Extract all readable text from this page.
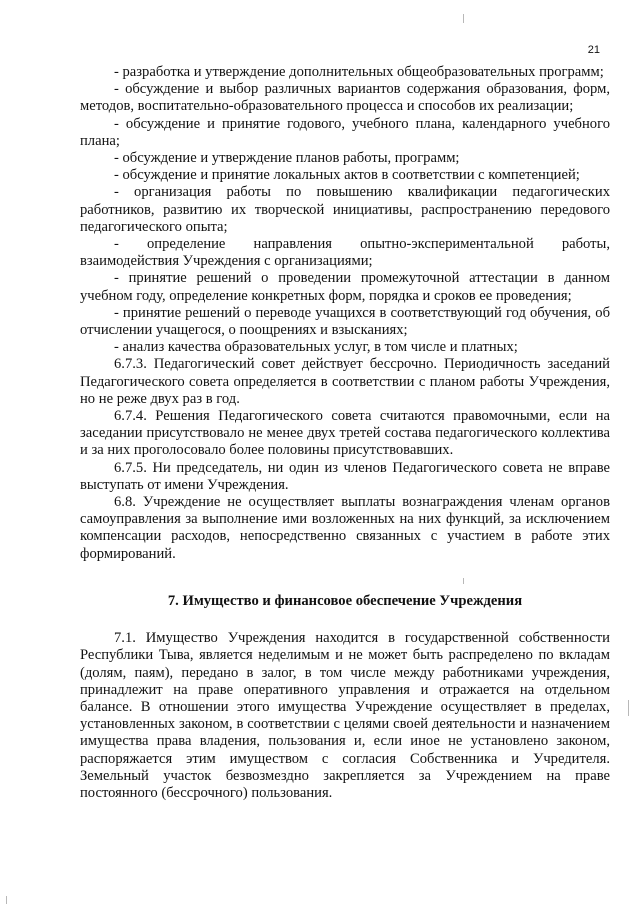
21

- разработка и утверждение дополнительных общеобразовательных программ;

- обсуждение и выбор различных вариантов содержания образования, форм, методов, воспитательно-образовательного процесса и способов их реализации;

- обсуждение и принятие годового, учебного плана, календарного учебного плана;

- обсуждение и утверждение планов работы, программ;

- обсуждение и принятие локальных актов в соответствии с компетенцией;

- организация работы по повышению квалификации педагогических работников, развитию их творческой инициативы, распространению передового педагогического опыта;

- определение направления опытно-экспериментальной работы, взаимодействия Учреждения с организациями;

- принятие решений о проведении промежуточной аттестации в данном учебном году, определение конкретных форм, порядка и сроков ее проведения;

- принятие решений о переводе учащихся в соответствующий год обучения, об отчислении учащегося, о поощрениях и взысканиях;

- анализ качества образовательных услуг, в том числе и платных;

6.7.3. Педагогический совет действует бессрочно. Периодичность заседаний Педагогического совета определяется в соответствии с планом работы Учреждения, но не реже двух раз в год.

6.7.4. Решения Педагогического совета считаются правомочными, если на заседании присутствовало не менее двух третей состава педагогического коллектива и за них проголосовало более половины присутствовавших.

6.7.5. Ни председатель, ни один из членов Педагогического совета не вправе выступать от имени Учреждения.

6.8. Учреждение не осуществляет выплаты вознаграждения членам органов самоуправления за выполнение ими возложенных на них функций, за исключением компенсации расходов, непосредственно связанных с участием в работе этих формирований.

7. Имущество и финансовое обеспечение Учреждения

7.1. Имущество Учреждения находится в государственной собственности Республики Тыва, является неделимым и не может быть распределено по вкладам (долям, паям), передано в залог, в том числе между работниками учреждения, принадлежит на праве оперативного управления и отражается на отдельном балансе. В отношении этого имущества Учреждение осуществляет в пределах, установленных законом, в соответствии с целями своей деятельности и назначением имущества права владения, пользования и, если иное не установлено законом, распоряжается этим имуществом с согласия Собственника и Учредителя. Земельный участок безвозмездно закрепляется за Учреждением на праве постоянного (бессрочного) пользования.
